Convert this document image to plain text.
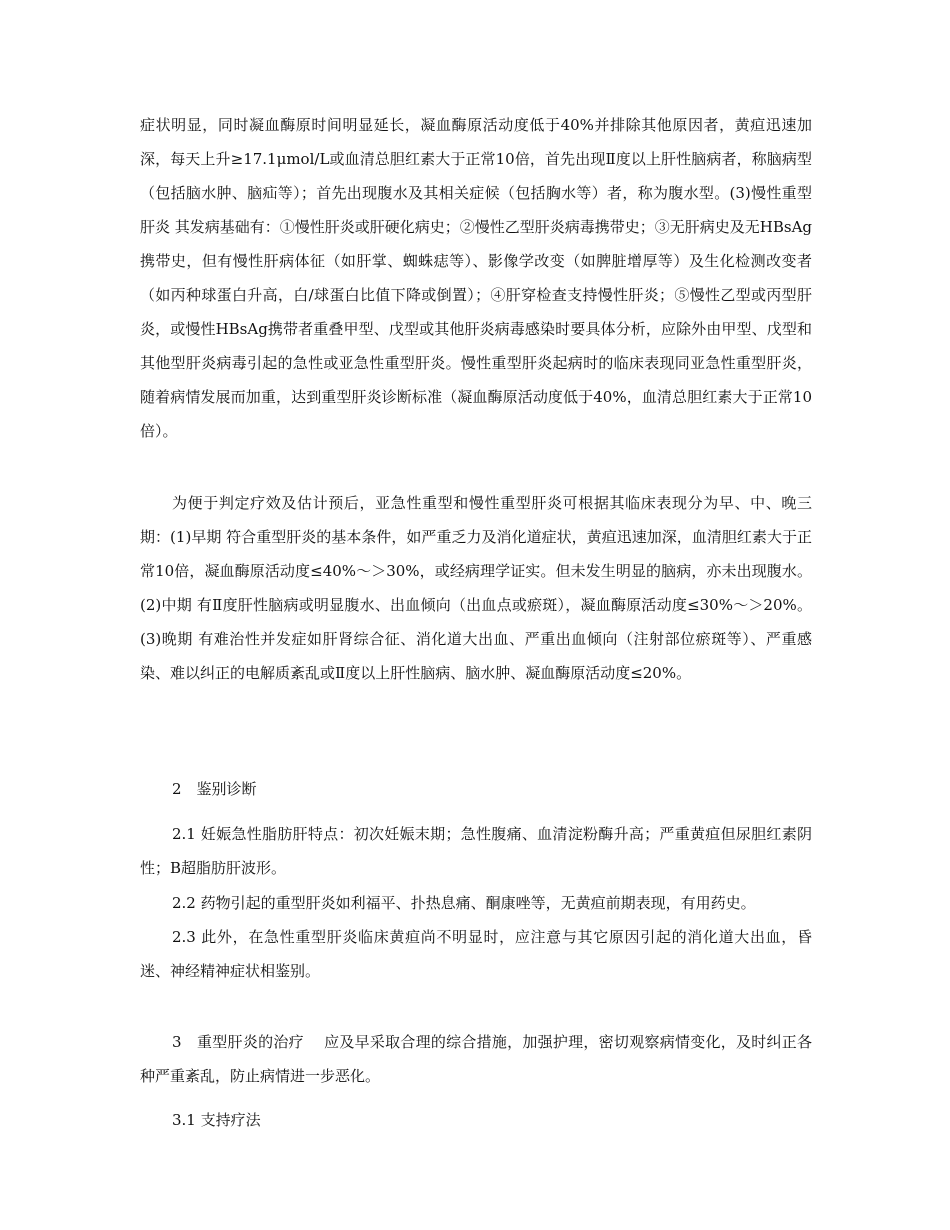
症状明显，同时凝血酶原时间明显延长，凝血酶原活动度低于40%并排除其他原因者，黄疸迅速加深，每天上升≥17.1μmol/L或血清总胆红素大于正常10倍，首先出现Ⅱ度以上肝性脑病者，称脑病型（包括脑水肿、脑疝等）；首先出现腹水及其相关症候（包括胸水等）者，称为腹水型。(3)慢性重型肝炎 其发病基础有：①慢性肝炎或肝硬化病史；②慢性乙型肝炎病毒携带史；③无肝病史及无HBsAg携带史，但有慢性肝病体征（如肝掌、蜘蛛痣等）、影像学改变（如脾脏增厚等）及生化检测改变者（如丙种球蛋白升高，白/球蛋白比值下降或倒置）；④肝穿检查支持慢性肝炎；⑤慢性乙型或丙型肝炎，或慢性HBsAg携带者重叠甲型、戊型或其他肝炎病毒感染时要具体分析，应除外由甲型、戊型和其他型肝炎病毒引起的急性或亚急性重型肝炎。慢性重型肝炎起病时的临床表现同亚急性重型肝炎，随着病情发展而加重，达到重型肝炎诊断标准（凝血酶原活动度低于40%，血清总胆红素大于正常10倍）。

为便于判定疗效及估计预后，亚急性重型和慢性重型肝炎可根据其临床表现分为早、中、晚三期：(1)早期 符合重型肝炎的基本条件，如严重乏力及消化道症状，黄疸迅速加深，血清胆红素大于正常10倍，凝血酶原活动度≤40%～＞30%，或经病理学证实。但未发生明显的脑病，亦未出现腹水。(2)中期 有Ⅱ度肝性脑病或明显腹水、出血倾向（出血点或瘀斑），凝血酶原活动度≤30%～＞20%。(3)晚期 有难治性并发症如肝肾综合征、消化道大出血、严重出血倾向（注射部位瘀斑等）、严重感染、难以纠正的电解质紊乱或Ⅱ度以上肝性脑病、脑水肿、凝血酶原活动度≤20%。

2　鉴别诊断

2.1 妊娠急性脂肪肝特点：初次妊娠末期；急性腹痛、血清淀粉酶升高；严重黄疸但尿胆红素阴性；B超脂肪肝波形。

2.2 药物引起的重型肝炎如利福平、扑热息痛、酮康唑等，无黄疸前期表现，有用药史。

2.3 此外，在急性重型肝炎临床黄疸尚不明显时，应注意与其它原因引起的消化道大出血，昏迷、神经精神症状相鉴别。

3　重型肝炎的治疗　 应及早采取合理的综合措施，加强护理，密切观察病情变化，及时纠正各种严重紊乱，防止病情进一步恶化。

3.1 支持疗法
